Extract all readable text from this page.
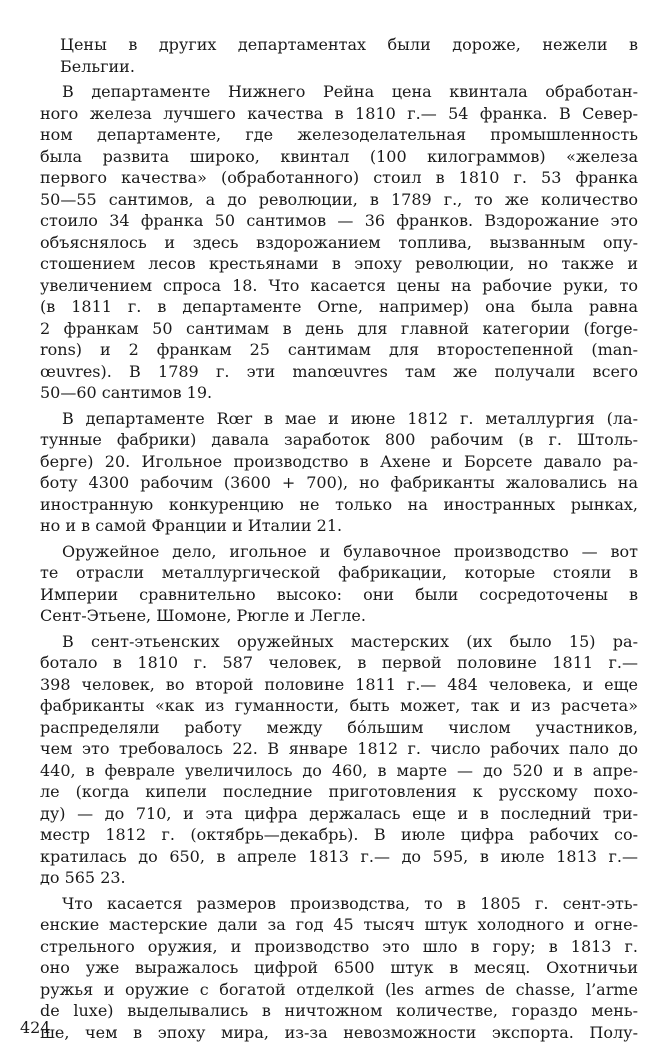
Цены в других департаментах были дороже, нежели в
Бельгии.
В департаменте Нижнего Рейна цена квинтала обработан-
ного железа лучшего качества в 1810 г.— 54 франка. В Север-
ном департаменте, где железоделательная промышленность
была развита широко, квинтал (100 килограммов) «железа
первого качества» (обработанного) стоил в 1810 г. 53 франка
50—55 сантимов, а до революции, в 1789 г., то же количество
стоило 34 франка 50 сантимов — 36 франков. Вздорожание это
объяснялось и здесь вздорожанием топлива, вызванным опу-
стошением лесов крестьянами в эпоху революции, но также и
увеличением спроса 18. Что касается цены на рабочие руки, то
(в 1811 г. в департаменте Orne, например) она была равна
2 франкам 50 сантимам в день для главной категории (forge-
rons) и 2 франкам 25 сантимам для второстепенной (man-
œuvres). В 1789 г. эти manœuvres там же получали всего
50—60 сантимов 19.
В департаменте Rœr в мае и июне 1812 г. металлургия (ла-
тунные фабрики) давала заработок 800 рабочим (в г. Штоль-
берге) 20. Игольное производство в Ахене и Борсете давало ра-
боту 4300 рабочим (3600 + 700), но фабриканты жаловались на
иностранную конкуренцию не только на иностранных рынках,
но и в самой Франции и Италии 21.
Оружейное дело, игольное и булавочное производство — вот
те отрасли металлургической фабрикации, которые стояли в
Империи сравнительно высоко: они были сосредоточены в
Сент-Этьене, Шомоне, Рюгле и Легле.
В сент-этьенских оружейных мастерских (их было 15) ра-
ботало в 1810 г. 587 человек, в первой половине 1811 г.—
398 человек, во второй половине 1811 г.— 484 человека, и еще
фабриканты «как из гуманности, быть может, так и из расчета»
распределяли работу между бо́льшим числом участников,
чем это требовалось 22. В январе 1812 г. число рабочих пало до
440, в феврале увеличилось до 460, в марте — до 520 и в апре-
ле (когда кипели последние приготовления к русскому похо-
ду) — до 710, и эта цифра держалась еще и в последний три-
местр 1812 г. (октябрь—декабрь). В июле цифра рабочих со-
кратилась до 650, в апреле 1813 г.— до 595, в июле 1813 г.—
до 565 23.
Что касается размеров производства, то в 1805 г. сент-эть-
енские мастерские дали за год 45 тысяч штук холодного и огне-
стрельного оружия, и производство это шло в гору; в 1813 г.
оно уже выражалось цифрой 6500 штук в месяц. Охотничьи
ружья и оружие с богатой отделкой (les armes de chasse, l’arme
de luxe) выделывались в ничтожном количестве, гораздо мень-
ше, чем в эпоху мира, из-за невозможности экспорта. Полу-
424
